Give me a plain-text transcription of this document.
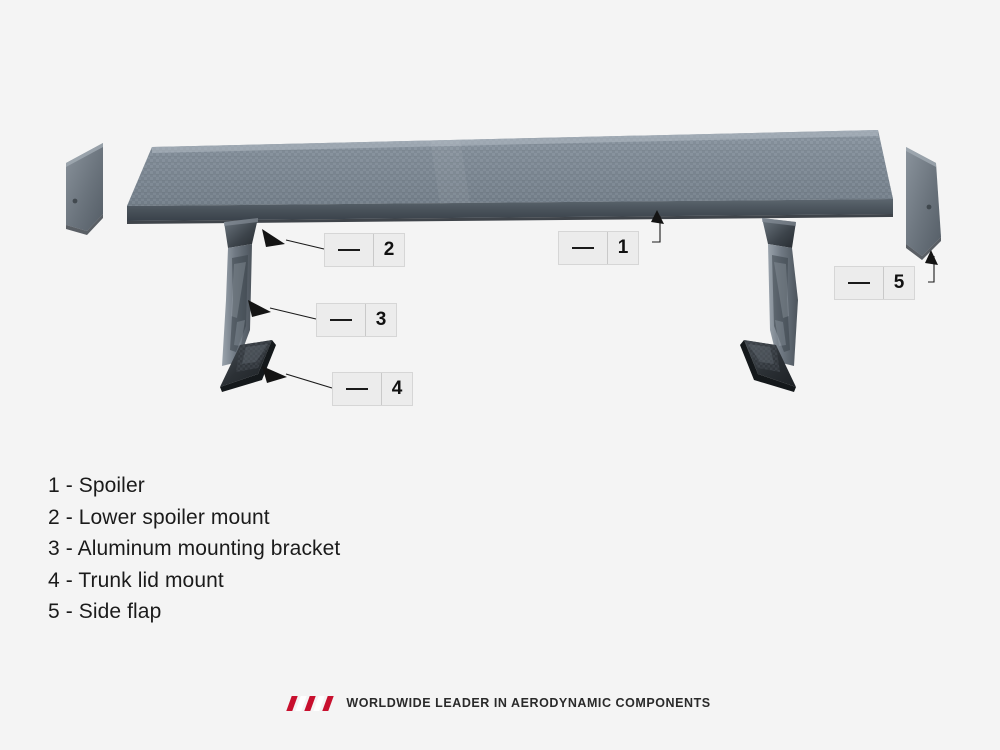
1
2
3
4
5
1 - Spoiler
2 - Lower spoiler mount
3 - Aluminum mounting bracket
4 - Trunk lid mount
5 - Side flap
WORLDWIDE LEADER IN AERODYNAMIC COMPONENTS
